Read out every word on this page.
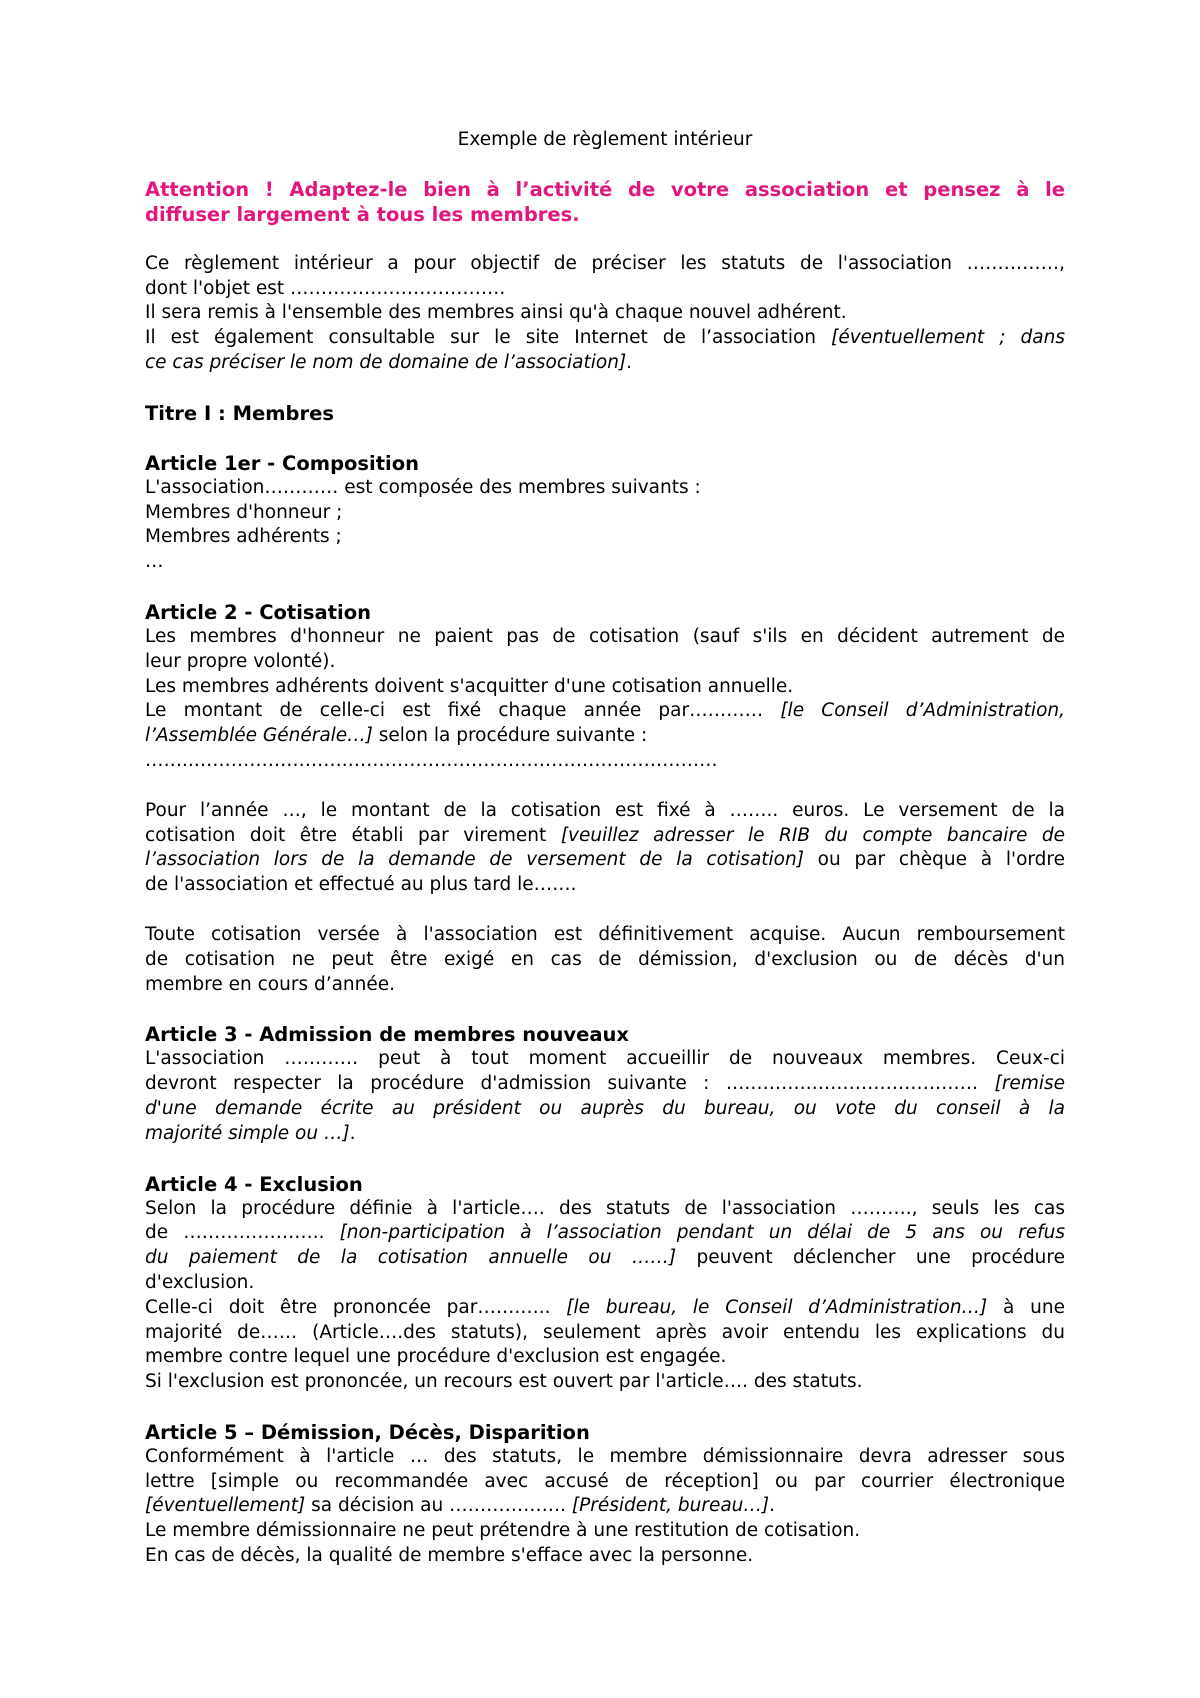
Exemple de règlement intérieur
Attention ! Adaptez-le bien à l’activité de votre association et pensez à le
diffuser largement à tous les membres.
Ce règlement intérieur a pour objectif de préciser les statuts de l'association ……………,
dont l'objet est …………….……………….
Il sera remis à l'ensemble des membres ainsi qu'à chaque nouvel adhérent.
Il est également consultable sur le site Internet de l’association [éventuellement ; dans
ce cas préciser le nom de domaine de l’association].
Titre I : Membres
Article 1er - Composition
L'association………… est composée des membres suivants :
Membres d'honneur ;
Membres adhérents ;
…
Article 2 - Cotisation
Les membres d'honneur ne paient pas de cotisation (sauf s'ils en décident autrement de
leur propre volonté).
Les membres adhérents doivent s'acquitter d'une cotisation annuelle.
Le montant de celle-ci est fixé chaque année par………… [le Conseil d’Administration,
l’Assemblée Générale…] selon la procédure suivante :
……..…………………….……………………………………………………
Pour l’année …, le montant de la cotisation est fixé à …….. euros. Le versement de la
cotisation doit être établi par virement [veuillez adresser le RIB du compte bancaire de
l’association lors de la demande de versement de la cotisation] ou par chèque à l'ordre
de l'association et effectué au plus tard le…….
Toute cotisation versée à l'association est définitivement acquise. Aucun remboursement
de cotisation ne peut être exigé en cas de démission, d'exclusion ou de décès d'un
membre en cours d’année.
Article 3 - Admission de membres nouveaux
L'association ………… peut à tout moment accueillir de nouveaux membres. Ceux-ci
devront respecter la procédure d'admission suivante : ….……….……………………… [remise
d'une demande écrite au président ou auprès du bureau, ou vote du conseil à la
majorité simple ou …].
Article 4 - Exclusion
Selon la procédure définie à l'article…. des statuts de l'association ………., seuls les cas
de ………………….. [non-participation à l’association pendant un délai de 5 ans ou refus
du paiement de la cotisation annuelle ou ……] peuvent déclencher une procédure
d'exclusion.
Celle-ci doit être prononcée par…….….. [le bureau, le Conseil d’Administration…] à une
majorité de…… (Article….des statuts), seulement après avoir entendu les explications du
membre contre lequel une procédure d'exclusion est engagée.
Si l'exclusion est prononcée, un recours est ouvert par l'article…. des statuts.
Article 5 – Démission, Décès, Disparition
Conformément à l'article … des statuts, le membre démissionnaire devra adresser sous
lettre [simple ou recommandée avec accusé de réception] ou par courrier électronique
[éventuellement] sa décision au ………………. [Président, bureau…].
Le membre démissionnaire ne peut prétendre à une restitution de cotisation.
En cas de décès, la qualité de membre s'efface avec la personne.
